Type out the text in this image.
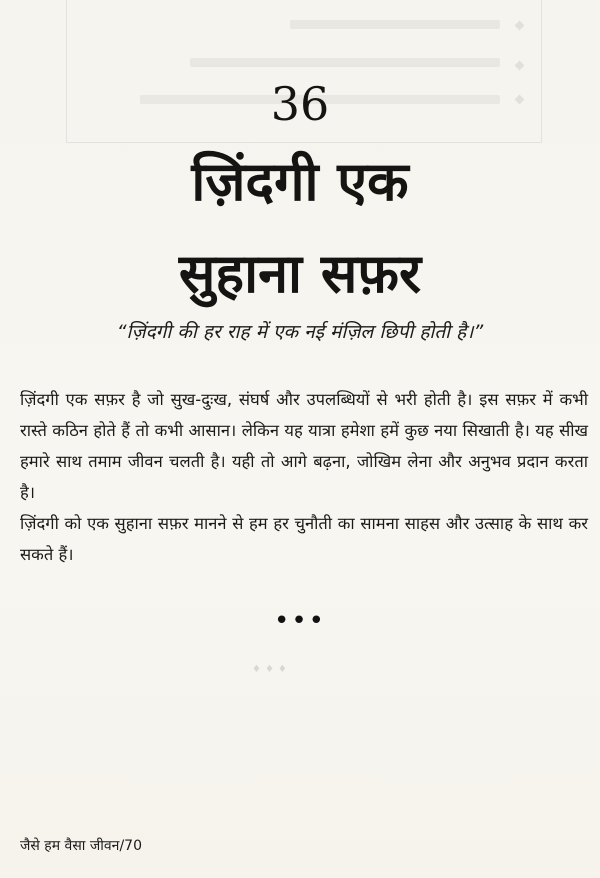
36
ज़िंदगी एक
सुहाना सफ़र
“ज़िंदगी की हर राह में एक नई मंज़िल छिपी होती है।”

ज़िंदगी एक सफ़र है जो सुख-दुःख, संघर्ष और उपलब्धियों से भरी होती है। इस सफ़र में कभी रास्ते कठिन होते हैं तो कभी आसान। लेकिन यह यात्रा हमेशा हमें कुछ नया सिखाती है। यह सीख हमारे साथ तमाम जीवन चलती है। यही तो आगे बढ़ना, जोखिम लेना और अनुभव प्रदान करता है।

ज़िंदगी को एक सुहाना सफ़र मानने से हम हर चुनौती का सामना साहस और उत्साह के साथ कर सकते हैं।

•••
♦♦♦
जैसे हम वैसा जीवन/70
